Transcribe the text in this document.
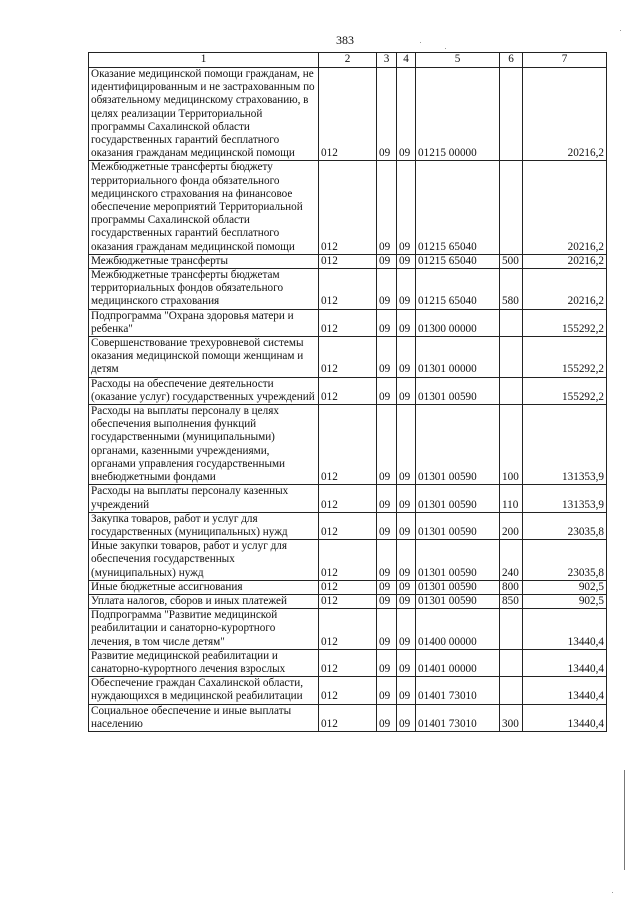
383
1	2	3	4	5	6	7
Оказание медицинской помощи гражданам, не идентифицированным и не застрахованным по обязательному медицинскому страхованию, в целях реализации Территориальной программы Сахалинской области государственных гарантий бесплатного оказания гражданам медицинской помощи	012	09	09	01215 00000		20216,2
Межбюджетные трансферты бюджету территориального фонда обязательного медицинского страхования на финансовое обеспечение мероприятий Территориальной программы Сахалинской области государственных гарантий бесплатного оказания гражданам медицинской помощи	012	09	09	01215 65040		20216,2
Межбюджетные трансферты	012	09	09	01215 65040	500	20216,2
Межбюджетные трансферты бюджетам территориальных фондов обязательного медицинского страхования	012	09	09	01215 65040	580	20216,2
Подпрограмма "Охрана здоровья матери и ребенка"	012	09	09	01300 00000		155292,2
Совершенствование трехуровневой системы оказания медицинской помощи женщинам и детям	012	09	09	01301 00000		155292,2
Расходы на обеспечение деятельности (оказание услуг) государственных учреждений	012	09	09	01301 00590		155292,2
Расходы на выплаты персоналу в целях обеспечения выполнения функций государственными (муниципальными) органами, казенными учреждениями, органами управления государственными внебюджетными фондами	012	09	09	01301 00590	100	131353,9
Расходы на выплаты персоналу казенных учреждений	012	09	09	01301 00590	110	131353,9
Закупка товаров, работ и услуг для государственных (муниципальных) нужд	012	09	09	01301 00590	200	23035,8
Иные закупки товаров, работ и услуг для обеспечения государственных (муниципальных) нужд	012	09	09	01301 00590	240	23035,8
Иные бюджетные ассигнования	012	09	09	01301 00590	800	902,5
Уплата налогов, сборов и иных платежей	012	09	09	01301 00590	850	902,5
Подпрограмма "Развитие медицинской реабилитации и санаторно-курортного лечения, в том числе детям"	012	09	09	01400 00000		13440,4
Развитие медицинской реабилитации и санаторно-курортного лечения взрослых	012	09	09	01401 00000		13440,4
Обеспечение граждан Сахалинской области, нуждающихся в медицинской реабилитации	012	09	09	01401 73010		13440,4
Социальное обеспечение и иные выплаты населению	012	09	09	01401 73010	300	13440,4
